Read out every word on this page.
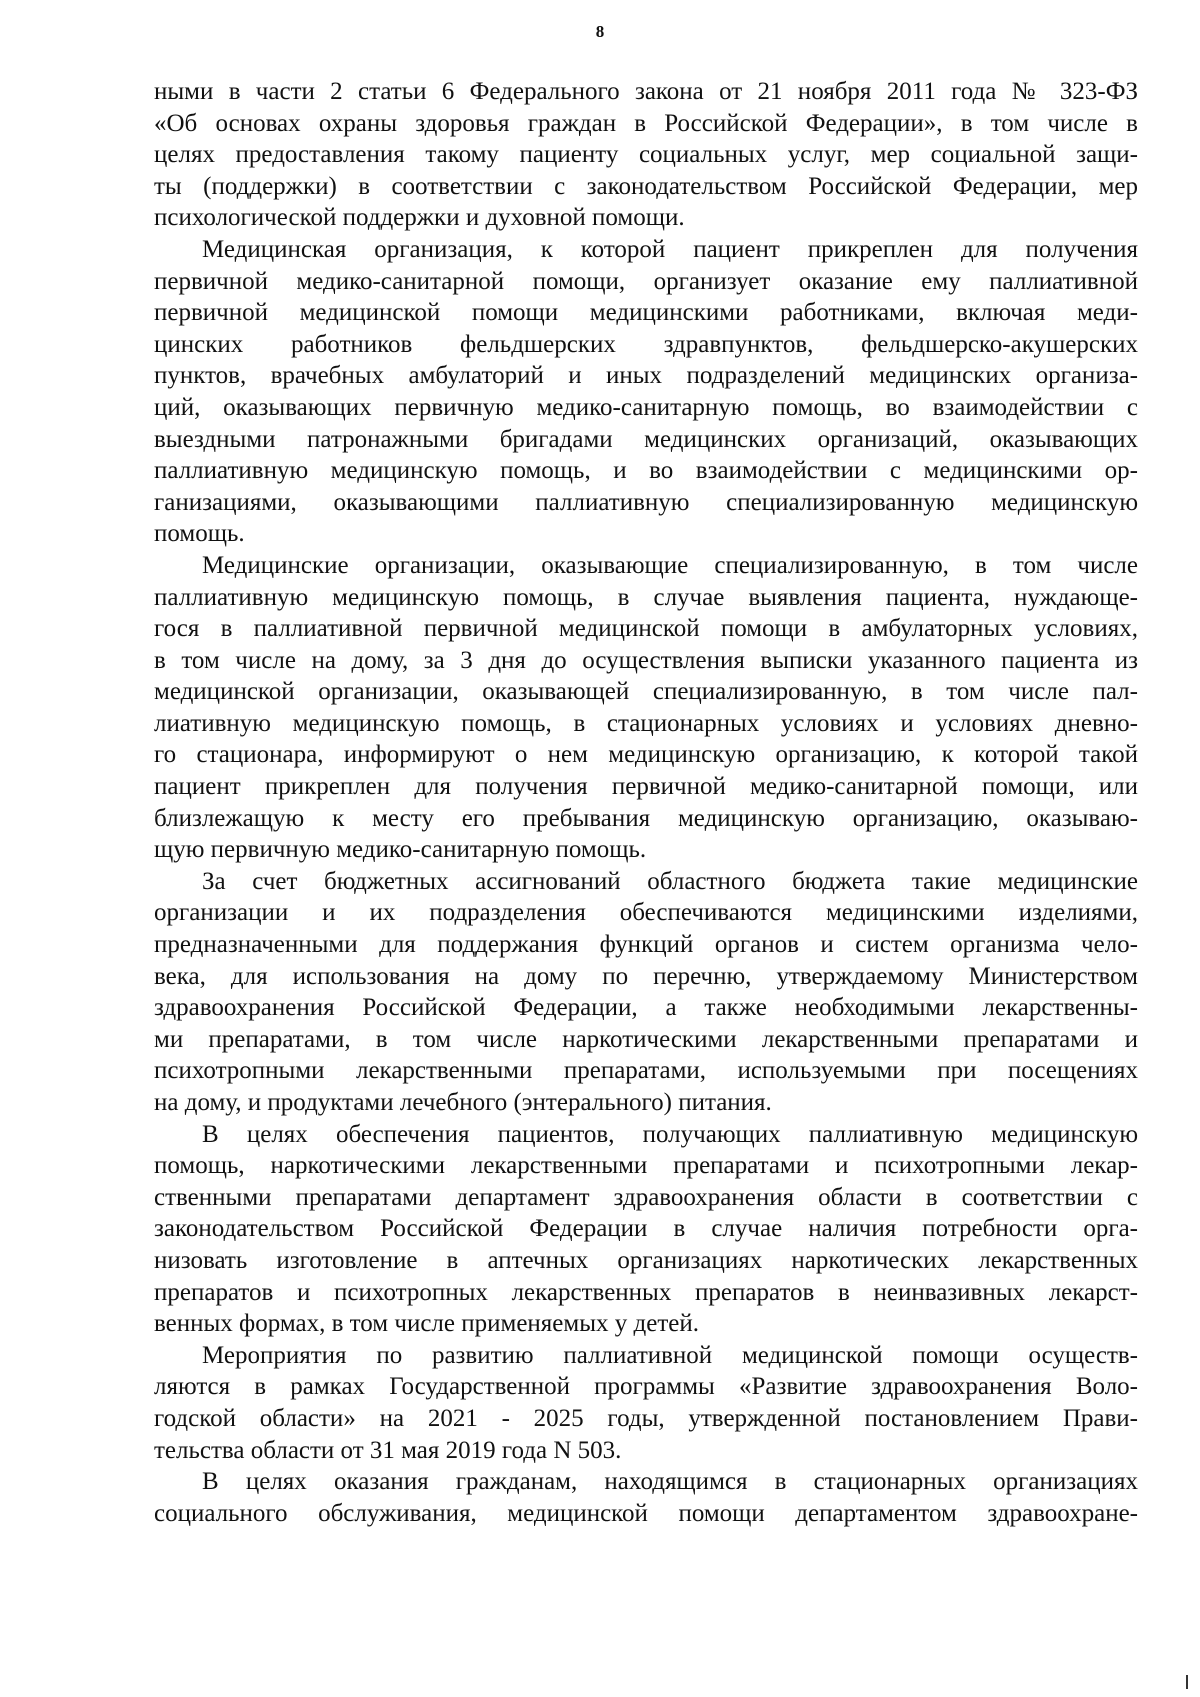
8
ными в части 2 статьи 6 Федерального закона от 21 ноября 2011 года № 323-ФЗ
«Об основах охраны здоровья граждан в Российской Федерации», в том числе в
целях предоставления такому пациенту социальных услуг, мер социальной защи-
ты (поддержки) в соответствии с законодательством Российской Федерации, мер
психологической поддержки и духовной помощи.
Медицинская организация, к которой пациент прикреплен для получения
первичной медико-санитарной помощи, организует оказание ему паллиативной
первичной медицинской помощи медицинскими работниками, включая меди-
цинских работников фельдшерских здравпунктов, фельдшерско-акушерских
пунктов, врачебных амбулаторий и иных подразделений медицинских организа-
ций, оказывающих первичную медико-санитарную помощь, во взаимодействии с
выездными патронажными бригадами медицинских организаций, оказывающих
паллиативную медицинскую помощь, и во взаимодействии с медицинскими ор-
ганизациями, оказывающими паллиативную специализированную медицинскую
помощь.
Медицинские организации, оказывающие специализированную, в том числе
паллиативную медицинскую помощь, в случае выявления пациента, нуждающе-
гося в паллиативной первичной медицинской помощи в амбулаторных условиях,
в том числе на дому, за 3 дня до осуществления выписки указанного пациента из
медицинской организации, оказывающей специализированную, в том числе пал-
лиативную медицинскую помощь, в стационарных условиях и условиях дневно-
го стационара, информируют о нем медицинскую организацию, к которой такой
пациент прикреплен для получения первичной медико-санитарной помощи, или
близлежащую к месту его пребывания медицинскую организацию, оказываю-
щую первичную медико-санитарную помощь.
За счет бюджетных ассигнований областного бюджета такие медицинские
организации и их подразделения обеспечиваются медицинскими изделиями,
предназначенными для поддержания функций органов и систем организма чело-
века, для использования на дому по перечню, утверждаемому Министерством
здравоохранения Российской Федерации, а также необходимыми лекарственны-
ми препаратами, в том числе наркотическими лекарственными препаратами и
психотропными лекарственными препаратами, используемыми при посещениях
на дому, и продуктами лечебного (энтерального) питания.
В целях обеспечения пациентов, получающих паллиативную медицинскую
помощь, наркотическими лекарственными препаратами и психотропными лекар-
ственными препаратами департамент здравоохранения области в соответствии с
законодательством Российской Федерации в случае наличия потребности орга-
низовать изготовление в аптечных организациях наркотических лекарственных
препаратов и психотропных лекарственных препаратов в неинвазивных лекарст-
венных формах, в том числе применяемых у детей.
Мероприятия по развитию паллиативной медицинской помощи осуществ-
ляются в рамках Государственной программы «Развитие здравоохранения Воло-
годской области» на 2021 - 2025 годы, утвержденной постановлением Прави-
тельства области от 31 мая 2019 года N 503.
В целях оказания гражданам, находящимся в стационарных организациях
социального обслуживания, медицинской помощи департаментом здравоохране-
